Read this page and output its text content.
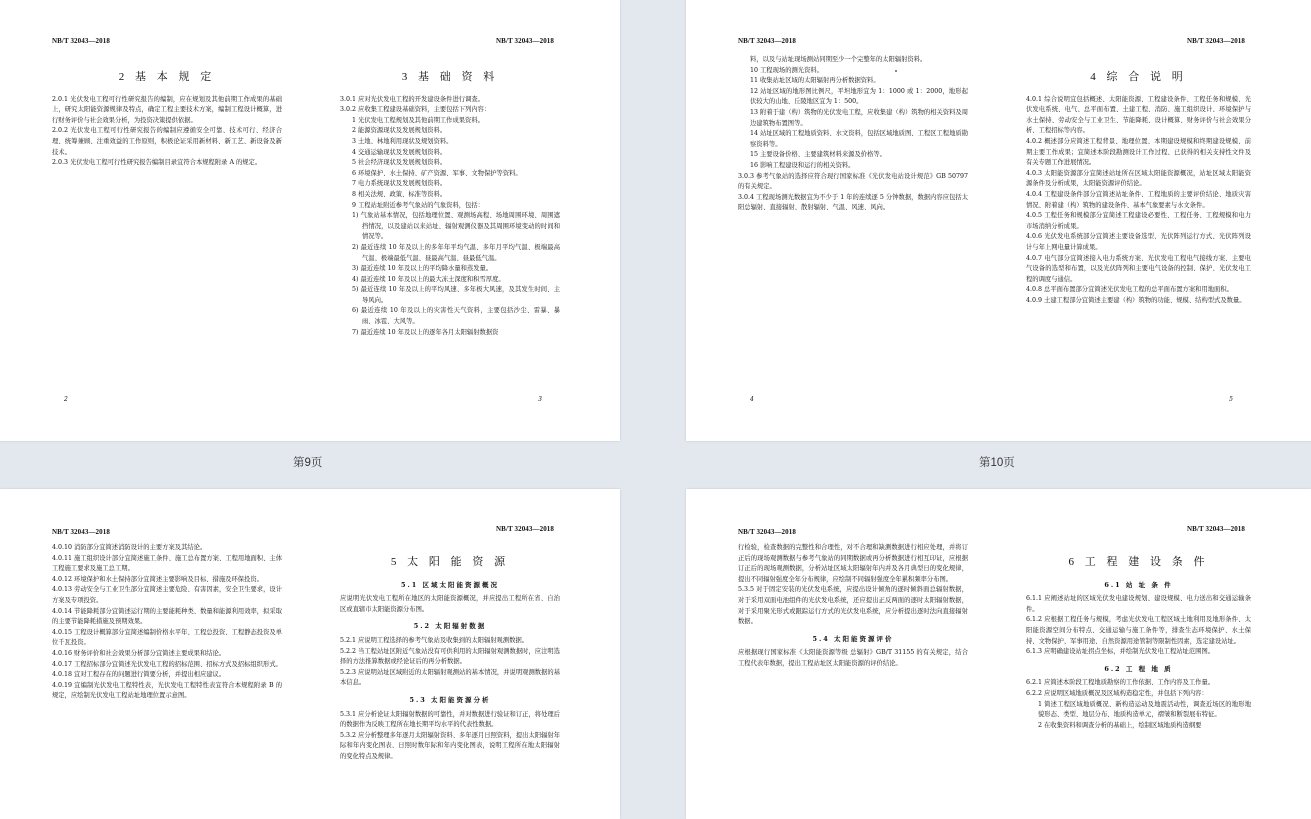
NB/T 32043—2018
2 基 本 规 定

2.0.1 光伏发电工程可行性研究报告的编制，应在规划及其他前期工作成果的基础上，研究太阳能资源规律及特点，确定工程主要技术方案，编制工程设计概算，进行财务评价与社会效果分析，为投资决策提供依据。

2.0.2 光伏发电工程可行性研究报告的编制应遵循安全可靠、技术可行、经济合理、统筹兼顾、注重效益的工作原则，积极论证采用新材料、新工艺、新设备及新技术。

2.0.3 光伏发电工程可行性研究报告编制目录宜符合本规程附录 A 的规定。

2
NB/T 32043—2018
3 基 础 资 料

3.0.1 应对光伏发电工程的开发建设条件进行调查。

3.0.2 应收集工程建设基础资料，主要包括下列内容：

1 光伏发电工程规划及其他前期工作成果资料。

2 能源资源现状及发展规划资料。

3 土地、林地利用现状及规划资料。

4 交通运输现状及发展规划资料。

5 社会经济现状及发展规划资料。

6 环境保护、水土保持、矿产资源、军事、文物保护等资料。

7 电力系统现状及发展规划资料。

8 相关法规、政策、标准等资料。

9 工程站址附近参考气象站的气象资料，包括：

1) 气象站基本情况，包括地理位置、观测场高程、场地周围环境、周围遮挡情况，以及建站以来站址、辐射观测仪器及其周围环境变动的时间和情况等。

2) 最近连续 10 年及以上的多年年平均气温、多年月平均气温、极端最高气温、极端最低气温、昼最高气温、昼最低气温。

3) 最近连续 10 年及以上的平均降水量和蒸发量。

4) 最近连续 10 年及以上的最大冻土深度和积雪厚度。

5) 最近连续 10 年及以上的平均风速、多年极大风速，及其发生时间、主导风向。

6) 最近连续 10 年及以上的灾害性天气资料，主要包括沙尘、雷暴、暴雨、冰雹、大风等。

7) 最近连续 10 年及以上的逐年各月太阳辐射数据资

3
NB/T 32043—2018

料，以及与站址现场测站同期至少一个完整年的太阳辐射资料。

10 工程现场的测光资料。

11 收集站址区域的太阳辐射再分析数据资料。

12 站址区域的地形图比例尺，平坦地形宜为 1：1000 或 1：2000，地形起伏较大的山地、丘陵地区宜为 1：500。

13 附着于建（构）筑物的光伏发电工程，应收集建（构）筑物的相关资料及周边建筑物布置图等。

14 站址区域的工程地质资料、水文资料，包括区域地质图、工程区工程地质勘察资料等。

15 主要设备价格、主要建筑材料来源及价格等。

16 影响工程建设和运行的相关资料。

3.0.3 参考气象站的选择应符合现行国家标准《光伏发电站设计规范》GB 50797 的有关规定。

3.0.4 工程现场测光数据宜为不少于 1 年的连续逐 5 分钟数据，数据内容应包括太阳总辐射、直接辐射、散射辐射、气温、风速、风向。

4
NB/T 32043—2018
4 综 合 说 明

4.0.1 综合说明宜包括概述、太阳能资源、工程建设条件、工程任务和规模、光伏发电系统、电气、总平面布置、土建工程、消防、施工组织设计、环境保护与水土保持、劳动安全与工业卫生、节能降耗、设计概算、财务评价与社会效果分析、工程招标等内容。

4.0.2 概述部分应简述工程背景、地理位置、本期建设规模和终期建设规模、前期主要工作成果；宜简述本阶段勘测设计工作过程、已获得的相关支持性文件及有关专题工作进展情况。

4.0.3 太阳能资源部分宜简述站址所在区域太阳能资源概况，站址区域太阳能资源条件及分析成果，太阳能资源评价结论。

4.0.4 工程建设条件部分宜简述站址条件、工程地质的主要评价结论、地质灾害情况、附着建（构）筑物的建设条件、基本气象要素与水文条件。

4.0.5 工程任务和规模部分宜简述工程建设必要性、工程任务、工程规模和电力市场消纳分析成果。

4.0.6 光伏发电系统部分宜简述主要设备选型、光伏阵列运行方式、光伏阵列设计与年上网电量计算成果。

4.0.7 电气部分宜简述接入电力系统方案、光伏发电工程电气接线方案、主要电气设备的选型和布置，以及光伏阵列和主要电气设备的控制、保护、光伏发电工程的调度与通信。

4.0.8 总平面布置部分宜简述光伏发电工程的总平面布置方案和用地面积。

4.0.9 土建工程部分宜简述主要建（构）筑物的功能、规模、结构型式及数量。

5
第9页	第10页
NB/T 32043—2018

4.0.10 消防部分宜简述消防设计的主要方案及其结论。

4.0.11 施工组织设计部分宜简述施工条件、施工总布置方案、工程用地面积、主体工程施工要求及施工总工期。

4.0.12 环境保护和水土保持部分宜简述主要影响及目标、措施及环保投资。

4.0.13 劳动安全与工业卫生部分宜简述主要危险、有害因素，安全卫生要求，设计方案及专项投资。

4.0.14 节能降耗部分宜简述运行期的主要能耗种类、数量和能源利用效率，拟采取的主要节能降耗措施及预期效果。

4.0.15 工程设计概算部分宜简述编制价格水平年、工程总投资、工程静态投资及单位千瓦投资。

4.0.16 财务评价和社会效果分析部分宜简述主要成果和结论。

4.0.17 工程招标部分宜简述光伏发电工程的招标范围、招标方式及招标组织形式。

4.0.18 宜对工程存在的问题进行简要分析，并提出相应建议。

4.0.19 宜编制光伏发电工程特性表，光伏发电工程特性表宜符合本规程附录 B 的规定，应绘制光伏发电工程站址地理位置示意图。

NB/T 32043—2018
5 太 阳 能 资 源
5.1 区域太阳能资源概况

应说明光伏发电工程所在地区的太阳能资源概况，并应提出工程所在省、自治区或直辖市太阳能资源分布图。

5.2 太阳辐射数据

5.2.1 应说明工程选择的参考气象站及收集到的太阳辐射观测数据。

5.2.2 当工程站址区附近气象站没有可供利用的太阳辐射观测数据时，应注明选择的方法推算数据或经论证后的再分析数据。

5.2.3 应说明站址区域附近的太阳辐射观测站的基本情况，并说明观测数据的基本信息。

5.3 太阳能资源分析

5.3.1 应分析论证太阳辐射数据的可靠性，并对数据进行验证和订正，将处理后的数据作为反映工程所在地长期平均水平的代表性数据。

5.3.2 应分析整理多年逐月太阳辐射资料、多年逐月日照资料，提出太阳辐射年际和年内变化图表、日照时数年际和年内变化图表，说明工程所在地太阳辐射的变化特点及规律。

NB/T 32043—2018

行检验，检查数据的完整性和合理性，对不合理和缺测数据进行相应处理，并将订正后的现场观测数据与参考气象站的同期数据或再分析数据进行相互印证，应根据订正后的现场观测数据，分析站址区域太阳辐射年内并及各月典型日的变化规律，提出不同辐射强度全年分布规律，应绘制不同辐射强度全年累积频率分布图。

5.3.5 对于固定安装的光伏发电系统，应提出设计倾角的逐时倾斜面总辐射数据，对于采用双面电池组件的光伏发电系统，还应提出正反两面的逐时太阳辐射数据，对于采用聚光形式或跟踪运行方式的光伏发电系统，应分析提出逐时法向直接辐射数据。

5.4 太阳能资源评价

应根据现行国家标准《太阳能资源等级 总辐射》GB/T 31155 的有关规定，结合工程代表年数据，提出工程站址区太阳能资源的评价结论。

NB/T 32043—2018
6 工 程 建 设 条 件
6.1 站 址 条 件

6.1.1 应阐述站址的区域光伏发电建设规划、建设规模、电力送出和交通运输条件。

6.1.2 应根据工程任务与规模，考虑光伏发电工程区域土地利用及地形条件、太阳能资源空间分布特点、交通运输与施工条件等，排查生态环境保护、水土保持、文物保护、军事用途、自然资源用途管制等限制性因素，选定建设站址。

6.1.3 应明确建设站址拐点坐标，并绘制光伏发电工程站址范围图。

6.2 工 程 地 质

6.2.1 应简述本阶段工程地质勘察的工作依据、工作内容及工作量。

6.2.2 应说明区域地质概况及区域构造稳定性，并包括下列内容：

1 简述工程区域地质概况、新构造运动及地震活动性，调查近场区的地形地貌形态、类型、地层分布、地质构造单元，褶皱和断裂展布特征。

2 在收集资料和调查分析的基础上，绘制区域地质构造纲要
